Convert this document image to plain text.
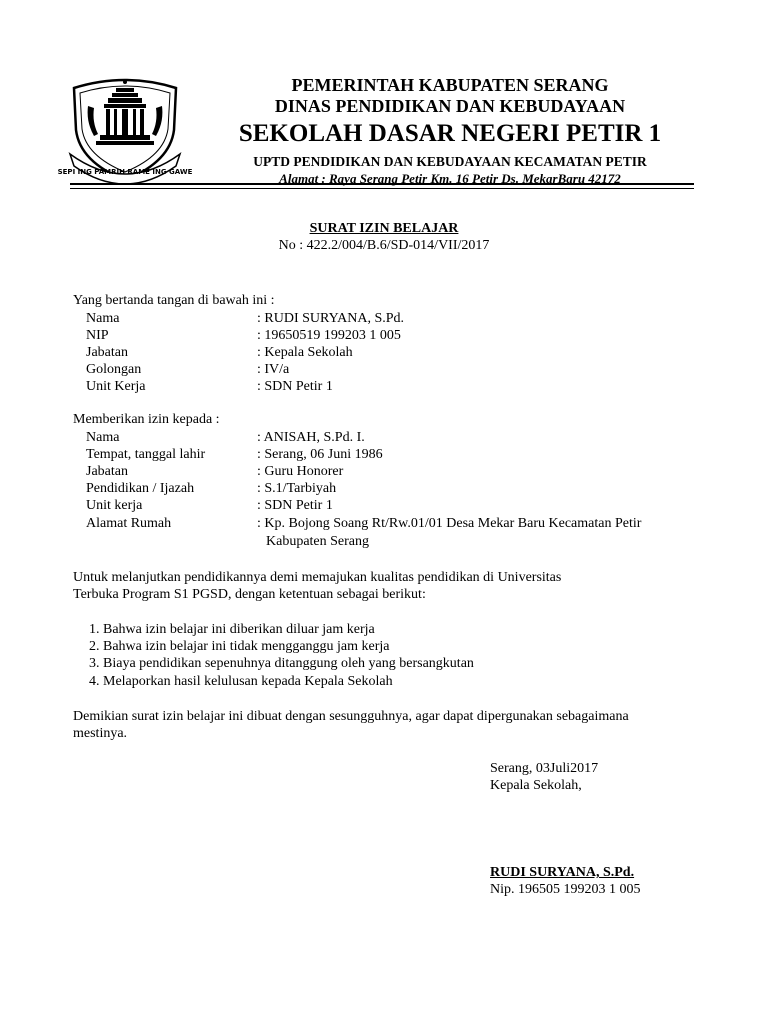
SEPI ING PAMRIH RAME ING GAWE
PEMERINTAH KABUPATEN SERANG
DINAS PENDIDIKAN DAN KEBUDAYAAN
SEKOLAH DASAR NEGERI PETIR 1
UPTD PENDIDIKAN DAN KEBUDAYAAN KECAMATAN PETIR
Alamat : Raya Serang Petir Km. 16 Petir Ds. MekarBaru 42172
SURAT IZIN BELAJAR
No : 422.2/004/B.6/SD-014/VII/2017
Yang bertanda tangan di bawah ini :
Nama	: RUDI SURYANA, S.Pd.
NIP	: 19650519 199203 1 005
Jabatan	: Kepala Sekolah
Golongan	: IV/a
Unit Kerja	: SDN Petir 1
Memberikan izin kepada :
Nama	: ANISAH, S.Pd. I.
Tempat, tanggal lahir	: Serang, 06 Juni 1986
Jabatan	: Guru Honorer
Pendidikan / Ijazah	: S.1/Tarbiyah
Unit kerja	: SDN Petir 1
Alamat Rumah	: Kp. Bojong Soang Rt/Rw.01/01 Desa Mekar Baru Kecamatan Petir
Kabupaten Serang
Untuk melanjutkan pendidikannya demi memajukan kualitas pendidikan di Universitas
Terbuka Program S1 PGSD, dengan ketentuan sebagai berikut:
1. Bahwa izin belajar ini diberikan diluar jam kerja
2. Bahwa izin belajar ini tidak mengganggu jam kerja
3. Biaya pendidikan sepenuhnya ditanggung oleh yang bersangkutan
4. Melaporkan hasil kelulusan kepada Kepala Sekolah
Demikian surat izin belajar ini dibuat dengan sesungguhnya, agar dapat dipergunakan sebagaimana
mestinya.
Serang, 03Juli2017
Kepala Sekolah,
RUDI SURYANA, S.Pd.
Nip. 196505 199203 1 005
